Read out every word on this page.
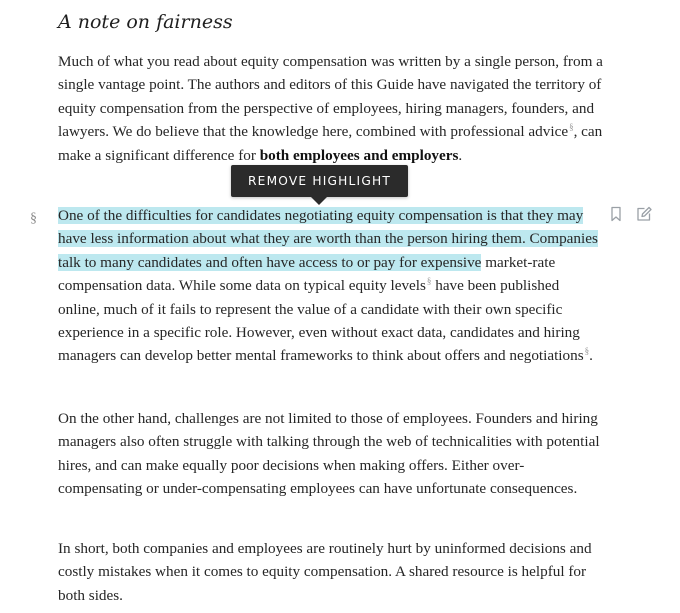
A note on fairness

Much of what you read about equity compensation was written by a single person, from a single vantage point. The authors and editors of this Guide have navigated the territory of equity compensation from the perspective of employees, hiring managers, founders, and lawyers. We do believe that the knowledge here, combined with professional advice§, can make a significant difference for both employees and employers.

One of the difficulties for candidates negotiating equity compensation is that they may have less information about what they are worth than the person hiring them. Companies talk to many candidates and often have access to or pay for expensive market-rate compensation data. While some data on typical equity levels§ have been published online, much of it fails to represent the value of a candidate with their own specific experience in a specific role. However, even without exact data, candidates and hiring managers can develop better mental frameworks to think about offers and negotiations§.

On the other hand, challenges are not limited to those of employees. Founders and hiring managers also often struggle with talking through the web of technicalities with potential hires, and can make equally poor decisions when making offers. Either over-compensating or under-compensating employees can have unfortunate consequences.

In short, both companies and employees are routinely hurt by uninformed decisions and costly mistakes when it comes to equity compensation. A shared resource is helpful for both sides.

§
REMOVE HIGHLIGHT
